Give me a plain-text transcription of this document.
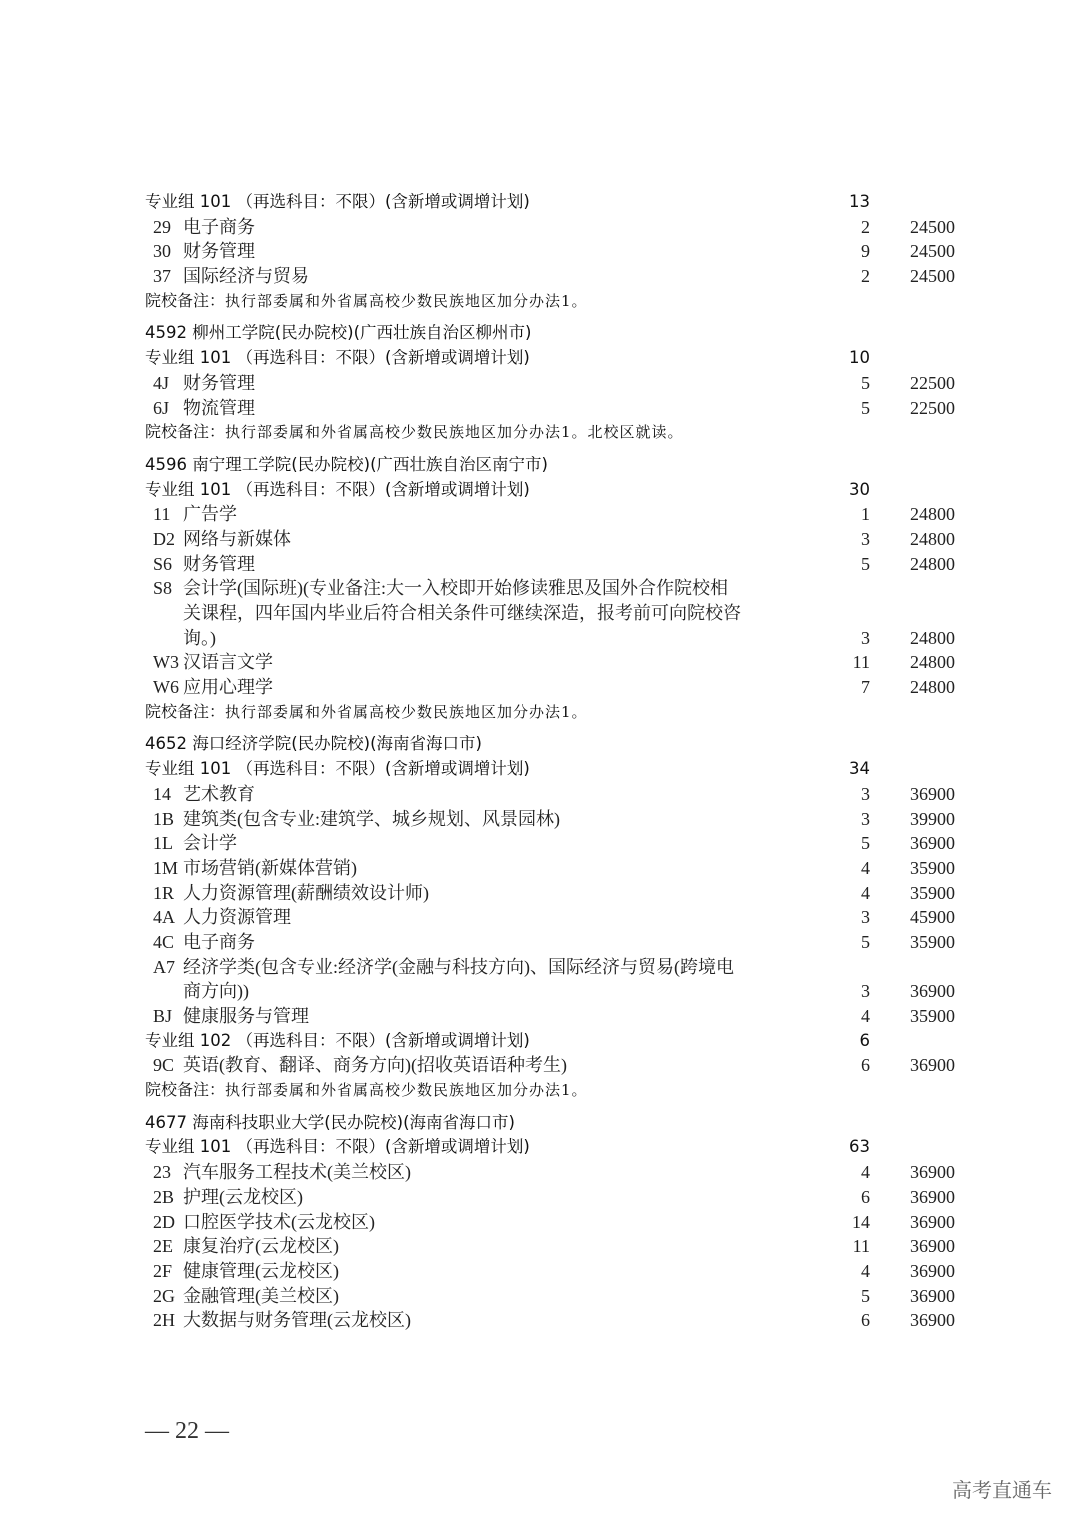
专业组 101 （再选科目：不限）(含新增或调增计划)	13
29 电子商务	2 24500
30 财务管理	9 24500
37 国际经济与贸易	2 24500
院校备注：执行部委属和外省属高校少数民族地区加分办法1。
4592 柳州工学院(民办院校)(广西壮族自治区柳州市)
专业组 101 （再选科目：不限）(含新增或调增计划)	10
4J 财务管理	5 22500
6J 物流管理	5 22500
院校备注：执行部委属和外省属高校少数民族地区加分办法1。北校区就读。
4596 南宁理工学院(民办院校)(广西壮族自治区南宁市)
专业组 101 （再选科目：不限）(含新增或调增计划)	30
11 广告学	1 24800
D2 网络与新媒体	3 24800
S6 财务管理	5 24800
S8 会计学(国际班)(专业备注:大一入校即开始修读雅思及国外合作院校相
关课程，四年国内毕业后符合相关条件可继续深造，报考前可向院校咨
询。)	3 24800
W3 汉语言文学	11 24800
W6 应用心理学	7 24800
院校备注：执行部委属和外省属高校少数民族地区加分办法1。
4652 海口经济学院(民办院校)(海南省海口市)
专业组 101 （再选科目：不限）(含新增或调增计划)	34
14 艺术教育	3 36900
1B 建筑类(包含专业:建筑学、城乡规划、风景园林)	3 39900
1L 会计学	5 36900
1M 市场营销(新媒体营销)	4 35900
1R 人力资源管理(薪酬绩效设计师)	4 35900
4A 人力资源管理	3 45900
4C 电子商务	5 35900
A7 经济学类(包含专业:经济学(金融与科技方向)、国际经济与贸易(跨境电
商方向))	3 36900
BJ 健康服务与管理	4 35900
专业组 102 （再选科目：不限）(含新增或调增计划)	6
9C 英语(教育、翻译、商务方向)(招收英语语种考生)	6 36900
院校备注：执行部委属和外省属高校少数民族地区加分办法1。
4677 海南科技职业大学(民办院校)(海南省海口市)
专业组 101 （再选科目：不限）(含新增或调增计划)	63
23 汽车服务工程技术(美兰校区)	4 36900
2B 护理(云龙校区)	6 36900
2D 口腔医学技术(云龙校区)	14 36900
2E 康复治疗(云龙校区)	11 36900
2F 健康管理(云龙校区)	4 36900
2G 金融管理(美兰校区)	5 36900
2H 大数据与财务管理(云龙校区)	6 36900
— 22 —
高考直通车
